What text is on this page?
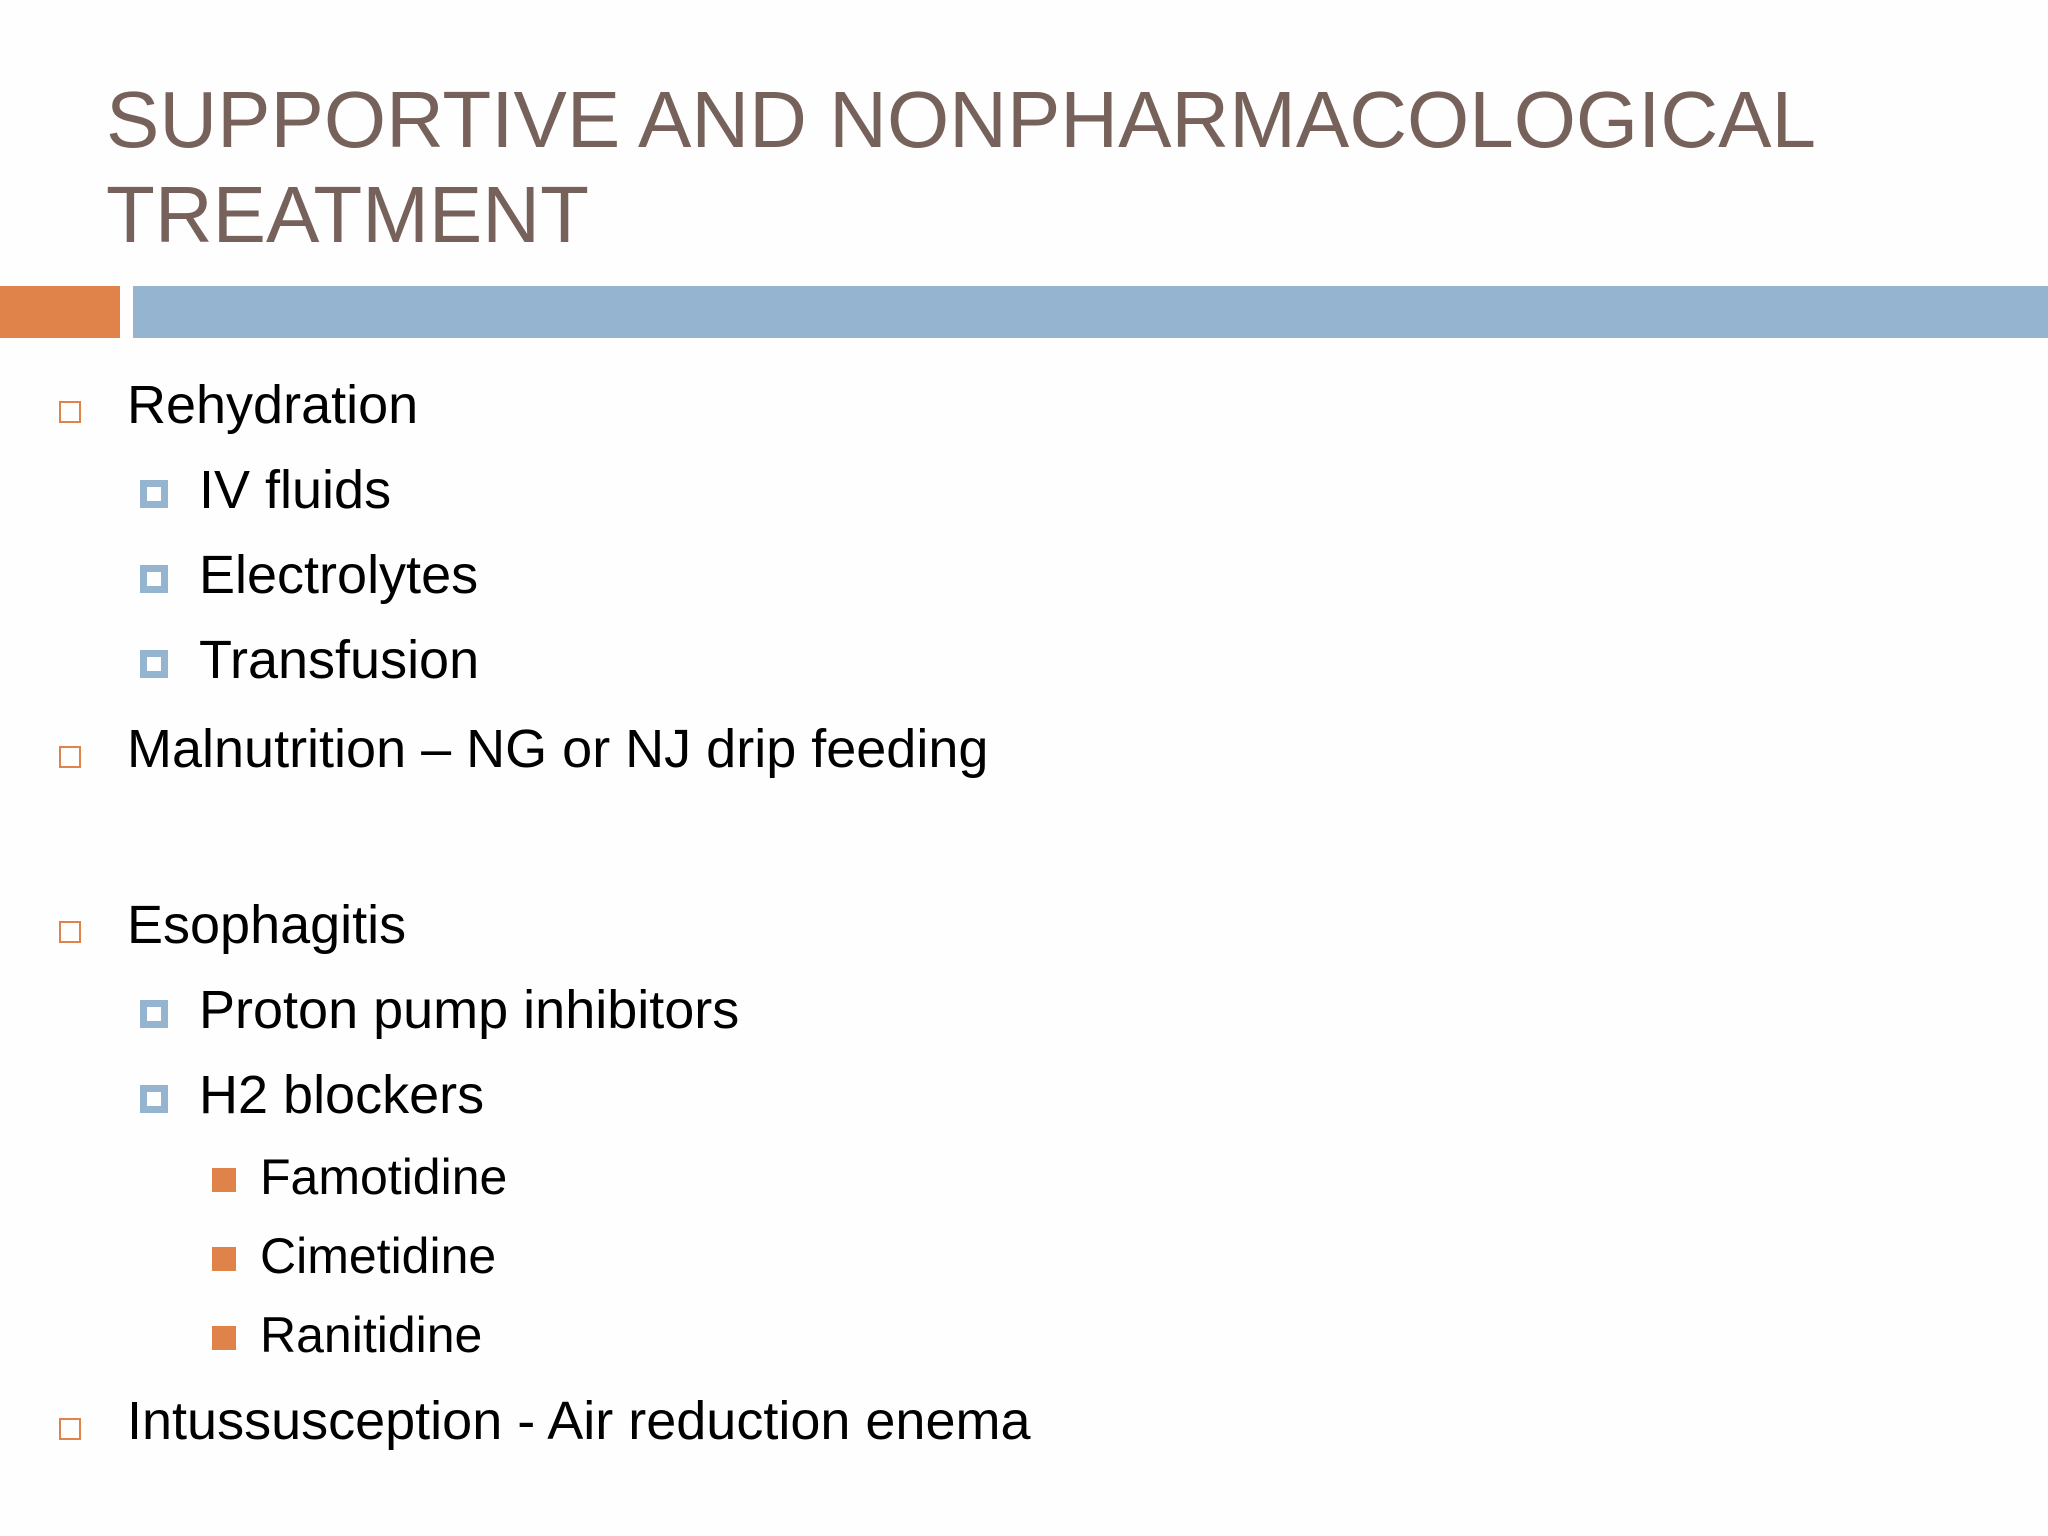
SUPPORTIVE AND NONPHARMACOLOGICAL
TREATMENT
Rehydration
IV fluids
Electrolytes
Transfusion
Malnutrition – NG or NJ drip feeding
Esophagitis
Proton pump inhibitors
H2 blockers
Famotidine
Cimetidine
Ranitidine
Intussusception - Air reduction enema
